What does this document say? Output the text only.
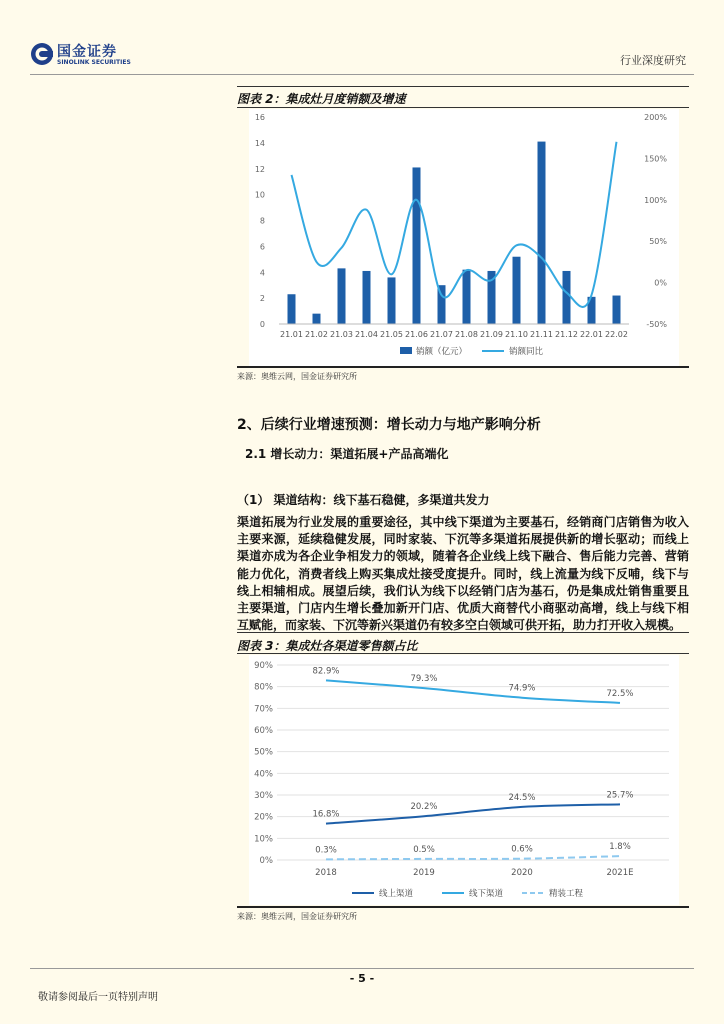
国金证券
SINOLINK SECURITIES	行业深度研究
图表 2：集成灶月度销额及增速
0
2
4
6
8
10
12
14
16
-50%
0%
50%
100%
150%
200%
21.01 21.02 21.03 21.04 21.05 21.06 21.07 21.08 21.09 21.10 21.11 21.12 22.01 22.02
销额（亿元）	销额同比
来源：奥维云网，国金证券研究所
2、后续行业增速预测：增长动力与地产影响分析
2.1 增长动力：渠道拓展+产品高端化
（1） 渠道结构：线下基石稳健，多渠道共发力
渠道拓展为行业发展的重要途径，其中线下渠道为主要基石，经销商门店销售为收入主要来源，延续稳健发展，同时家装、下沉等多渠道拓展提供新的增长驱动；而线上渠道亦成为各企业争相发力的领域，随着各企业线上线下融合、售后能力完善、营销能力优化，消费者线上购买集成灶接受度提升。同时，线上流量为线下反哺，线下与线上相辅相成。展望后续，我们认为线下以经销门店为基石，仍是集成灶销售重要且主要渠道，门店内生增长叠加新开门店、优质大商替代小商驱动高增，线上与线下相互赋能，而家装、下沉等新兴渠道仍有较多空白领域可供开拓，助力打开收入规模。
图表 3：集成灶各渠道零售额占比
0%
10%
20%
30%
40%
50%
60%
70%
80%
90%
2018	2019	2020	2021E
16.8%
20.2%
24.5%	25.7%
82.9%
79.3%
74.9%
72.5%
0.3%	0.5%	0.6%	1.8%
线上渠道	线下渠道	精装工程
来源：奥维云网，国金证券研究所
- 5 -
敬请参阅最后一页特别声明
